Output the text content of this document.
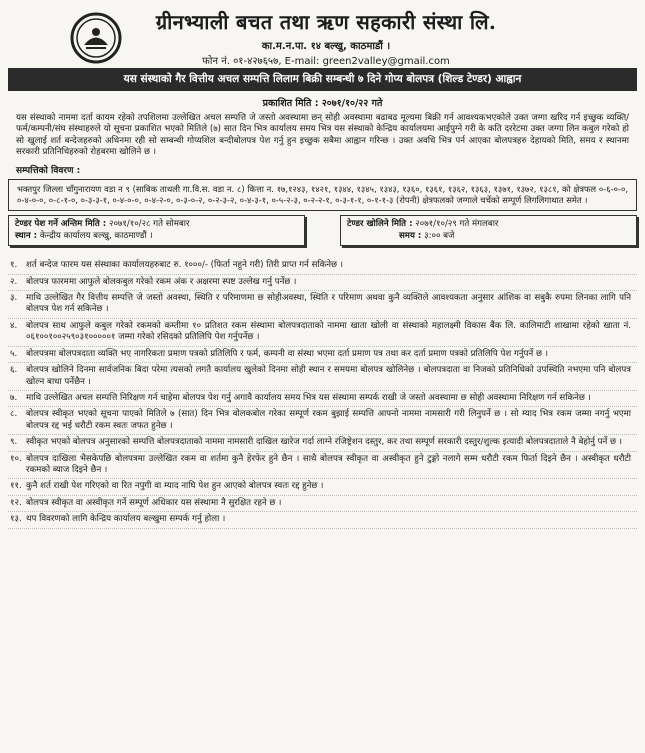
ग्रीनभ्याली बचत तथा ऋण सहकारी संस्था लि.
का.म.न.पा. १४ बल्खु, काठमाडौं ।
फोन नं. ०१-४२७६५७, E-mail: green2valley@gmail.com
यस संस्थाको गैर वित्तीय अचल सम्पत्ति लिलाम बिक्री सम्बन्धी ७ दिने गोप्य बोलपत्र (शिल्ड टेण्डर) आह्वान
प्रकाशित मिति : २०७१/१०/२२ गते
यस संस्थाको नाममा दर्ता कायम रहेको तपशिलमा उल्लेखित अचल सम्पत्ति जे जस्तो अवस्थामा छन् सोही अवस्थामा बढाबढ मूल्यमा बिक्री गर्न आवश्यकभएकोले उक्त जग्गा खरिद गर्न इच्छुक व्यक्ति/फर्म/कम्पनी/संघ संस्थाहरुले यो सूचना प्रकाशित भएको मितिले (७) सात दिन भित्र कार्यालय समय भित्र यस संस्थाको केन्द्रिय कार्यालयमा आईपुग्ने गरी के कति दररेटमा उक्त जग्गा लिन कबुल गरेको हो सो खुलाई शर्त बन्देजहरुको अधिनमा रही सो सम्बन्धी गोप्यशिल बन्दीबोलपत्र पेश गर्नु हुन इच्छुक सबैमा आह्वान गरिन्छ । उक्त अवधि भित्र पर्न आएका बोलपत्रहरु देहायको मिति, समय र स्थानमा सरकारी प्रतिनिधिहरुको रोहबरमा खोलिने छ ।
सम्पत्तिको विवरण :
भक्तपुर जिल्ला चाँगुनारायण वडा न ९ (साबिक ताथली गा.वि.स. वडा न. ८) कित्ता न. १७,१२४३, १४२१, १३४४, १३४५, १३४३, १३६०, १३६१, १३६२, १३६३, १३७१, १३७२, १३८१, को क्षेत्रफल ०-६-०-०, ०-४-०-०, ०-८-१-०, ०-३-३-१, ०-४-०-०, ०-४-२-०, ०-३-०-२, ०-२-३-२, ०-४-३-१, ०-५-२-३, ०-२-२-१, ०-३-१-१, ०-१-१-३ (रोपनी) क्षेत्रफलको जग्गाले चर्चेको सम्पूर्ण लिगलिगाथात समेत ।
टेण्डर पेश गर्ने अन्तिम मिति : २०७१/१०/२८ गते सोमबार
स्थान : केन्द्रीय कार्यालय बल्खु, काठमाण्डौं ।
टेण्डर खोलिने मिति : २०७१/१०/२९ गते मंगलबार
समय : ३:०० बजे
१.	शर्त बन्देज फारम यस संस्थाका कार्यालयहरुबाट रु. १०००/- (फिर्ता नहुने गरी) तिरी प्राप्त गर्न सकिनेछ ।
२.	बोलपत्र फारममा आफुले बोलकबुल गरेको रकम अंक र अक्षरमा स्पष्ट उल्लेख गर्नु पर्नेछ ।
३.	माथि उल्लेखित गैर वित्तीय सम्पत्ति जे जस्तो अवस्था, स्थिति र परिमाणमा छ सोहीअवस्था, स्थिति र परिमाण अथवा कुनै व्यक्तिले आवश्यकता अनुसार आंशिक वा सबुकै रुपमा लिनका लागि पनि बोलपत्र पेश गर्न सकिनेछ ।
४.	बोलपत्र साथ आफुले कबुल गरेको रकमको कम्तीमा १० प्रतिशत रकम संस्थामा बोलपत्रदाताको नाममा खाता खोली वा संस्थाको महालक्ष्मी विकास बैंक लि. कालिमाटी शाखामा रहेको खाता नं. ०६१००१००२५९०३१०००००१ जम्मा गरेको रसिदको प्रतिलिपि पेश गर्नुपर्नेछ ।
५.	बोलपत्रमा बोलपत्रदाता व्यक्ति भए नागरिकता प्रमाण पत्रको प्रतिलिपि र फर्म, कम्पनी वा संस्था भएमा दर्ता प्रमाण पत्र तथा कर दर्ता प्रमाण पत्रको प्रतिलिपि पेश गर्नुपर्ने छ ।
६.	बोलपत्र खोलिने दिनमा सार्वजनिक बिदा परेमा त्यसको लगतै कार्यालय खुलेको दिनमा सोही स्थान र समयमा बोलपत्र खोलिनेछ । बोलपत्रदाता वा निजको प्रतिनिधिको उपस्थिति नभएमा पनि बोलपत्र खोल्न बाधा पर्नेछैन ।
७.	माथि उल्लेखित अचल सम्पत्ति निरिक्षण गर्न चाहेमा बोलपत्र पेश गर्नु अगावै कार्यालय समय भित्र यस संस्थामा सम्पर्क राखी जे जस्तो अवस्थामा छ सोही अवस्थामा निरिक्षण गर्न सकिनेछ ।
८.	बोलपत्र स्वीकृत भएको सूचना पाएको मितिले ७ (सात) दिन भित्र बोलकबोल गरेका सम्पूर्ण रकम बुझाई सम्पत्ति आफ्नो नाममा नामसारी गरी लिनुपर्ने छ । सो म्याद भित्र रकम जम्मा नगर्नु भएमा बोलपत्र रद्द भई धरौटी रकम स्वतः जफत हुनेछ ।
९.	स्वीकृत भएको बोलपत्र अनुसारको सम्पत्ति बोलपत्रदाताको नाममा नामसारी दाखिल खारेज गर्दा लाग्ने रजिष्ट्रेशन दस्तुर, कर तथा सम्पूर्ण सरकारी दस्तुर/शुल्क इत्यादी बोलपत्रदाताले नै बेहोर्नु पर्ने छ ।
१०. बोलपत्र दाखिला भैसकेपछि बोलपत्रमा उल्लेखित रकम वा शर्तमा कुनै हेरफेर हुने छैन । साथै बोलपत्र स्वीकृत वा अस्वीकृत हुने टुङ्गो नलागे सम्म धरौटी रकम फिर्ता दिइने छैन । अस्वीकृत धरौटी रकमको ब्याज दिइने छैन ।
११. कुनै शर्त राखी पेश गरिएको वा रित नपुगी वा म्याद नाघि पेश हुन आएको बोलपत्र स्वतः रद्द हुनेछ ।
१२. बोलपत्र स्वीकृत वा अस्वीकृत गर्ने सम्पूर्ण अधिकार यस संस्थामा नै सुरक्षित रहने छ ।
१३. थप विवरणको लागि केन्द्रिय कार्यालय बल्खुमा सम्पर्क गर्नु होला ।
